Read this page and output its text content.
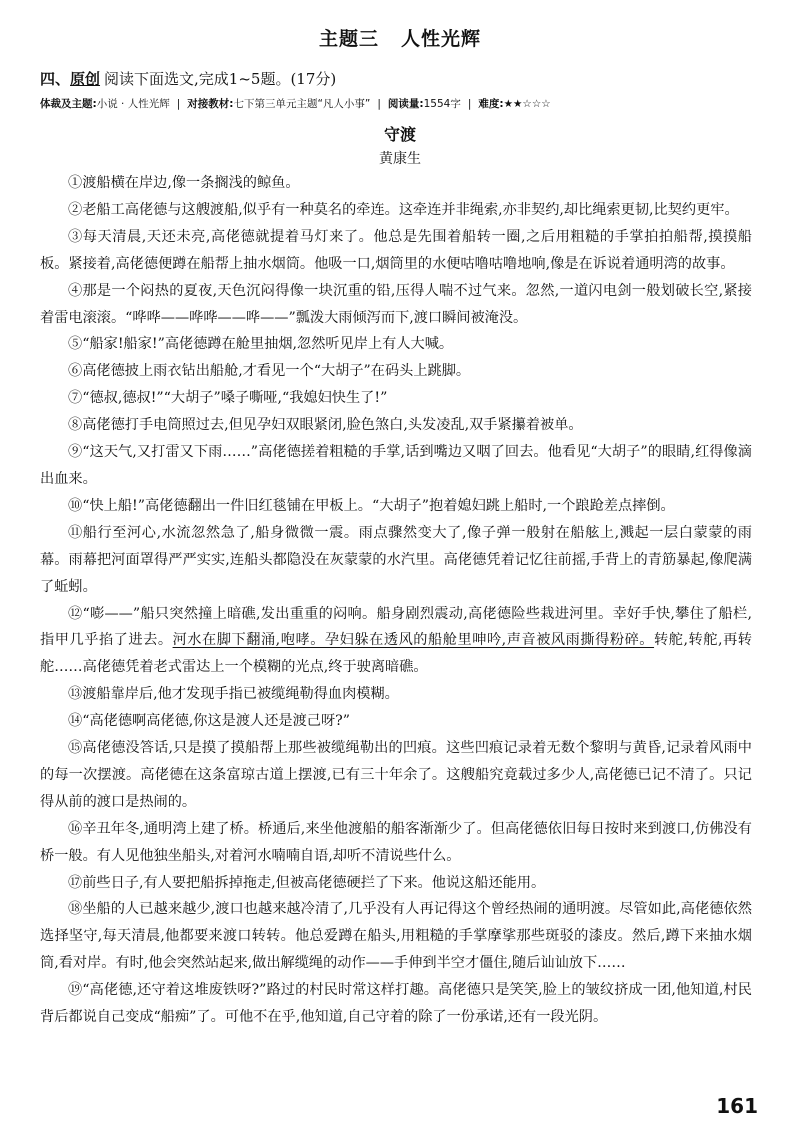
主题三 人性光辉
四、原创 阅读下面选文,完成1~5题。(17分)
体裁及主题:小说 · 人性光辉 | 对接教材:七下第三单元主题“凡人小事” | 阅读量:1554字 | 难度:★★☆☆☆
守渡
黄康生

①渡船横在岸边,像一条搁浅的鲸鱼。

②老船工高佬德与这艘渡船,似乎有一种莫名的牵连。这牵连并非绳索,亦非契约,却比绳索更韧,比契约更牢。

③每天清晨,天还未亮,高佬德就提着马灯来了。他总是先围着船转一圈,之后用粗糙的手掌拍拍船帮,摸摸船板。紧接着,高佬德便蹲在船帮上抽水烟筒。他吸一口,烟筒里的水便咕噜咕噜地响,像是在诉说着通明湾的故事。

④那是一个闷热的夏夜,天色沉闷得像一块沉重的铅,压得人喘不过气来。忽然,一道闪电剑一般划破长空,紧接着雷电滚滚。“哗哗——哗哗——哗——”瓢泼大雨倾泻而下,渡口瞬间被淹没。

⑤“船家!船家!”高佬德蹲在舱里抽烟,忽然听见岸上有人大喊。

⑥高佬德披上雨衣钻出船舱,才看见一个“大胡子”在码头上跳脚。

⑦“德叔,德叔!”“大胡子”嗓子嘶哑,“我媳妇快生了!”

⑧高佬德打手电筒照过去,但见孕妇双眼紧闭,脸色煞白,头发凌乱,双手紧攥着被单。

⑨“这天气,又打雷又下雨……”高佬德搓着粗糙的手掌,话到嘴边又咽了回去。他看见“大胡子”的眼睛,红得像滴出血来。

⑩“快上船!”高佬德翻出一件旧红毯铺在甲板上。“大胡子”抱着媳妇跳上船时,一个踉跄差点摔倒。

⑪船行至河心,水流忽然急了,船身微微一震。雨点骤然变大了,像子弹一般射在船舷上,溅起一层白蒙蒙的雨幕。雨幕把河面罩得严严实实,连船头都隐没在灰蒙蒙的水汽里。高佬德凭着记忆往前摇,手背上的青筋暴起,像爬满了蚯蚓。

⑫“嘭——”船只突然撞上暗礁,发出重重的闷响。船身剧烈震动,高佬德险些栽进河里。幸好手快,攀住了船栏,指甲几乎掐了进去。河水在脚下翻涌,咆哮。孕妇躲在透风的船舱里呻吟,声音被风雨撕得粉碎。转舵,转舵,再转舵……高佬德凭着老式雷达上一个模糊的光点,终于驶离暗礁。

⑬渡船靠岸后,他才发现手指已被缆绳勒得血肉模糊。

⑭“高佬德啊高佬德,你这是渡人还是渡己呀?”

⑮高佬德没答话,只是摸了摸船帮上那些被缆绳勒出的凹痕。这些凹痕记录着无数个黎明与黄昏,记录着风雨中的每一次摆渡。高佬德在这条富琼古道上摆渡,已有三十年余了。这艘船究竟载过多少人,高佬德已记不清了。只记得从前的渡口是热闹的。

⑯辛丑年冬,通明湾上建了桥。桥通后,来坐他渡船的船客渐渐少了。但高佬德依旧每日按时来到渡口,仿佛没有桥一般。有人见他独坐船头,对着河水喃喃自语,却听不清说些什么。

⑰前些日子,有人要把船拆掉拖走,但被高佬德硬拦了下来。他说这船还能用。

⑱坐船的人已越来越少,渡口也越来越冷清了,几乎没有人再记得这个曾经热闹的通明渡。尽管如此,高佬德依然选择坚守,每天清晨,他都要来渡口转转。他总爱蹲在船头,用粗糙的手掌摩挲那些斑驳的漆皮。然后,蹲下来抽水烟筒,看对岸。有时,他会突然站起来,做出解缆绳的动作——手伸到半空才僵住,随后讪讪放下……

⑲“高佬德,还守着这堆废铁呀?”路过的村民时常这样打趣。高佬德只是笑笑,脸上的皱纹挤成一团,他知道,村民背后都说自己变成“船痴”了。可他不在乎,他知道,自己守着的除了一份承诺,还有一段光阴。

161
